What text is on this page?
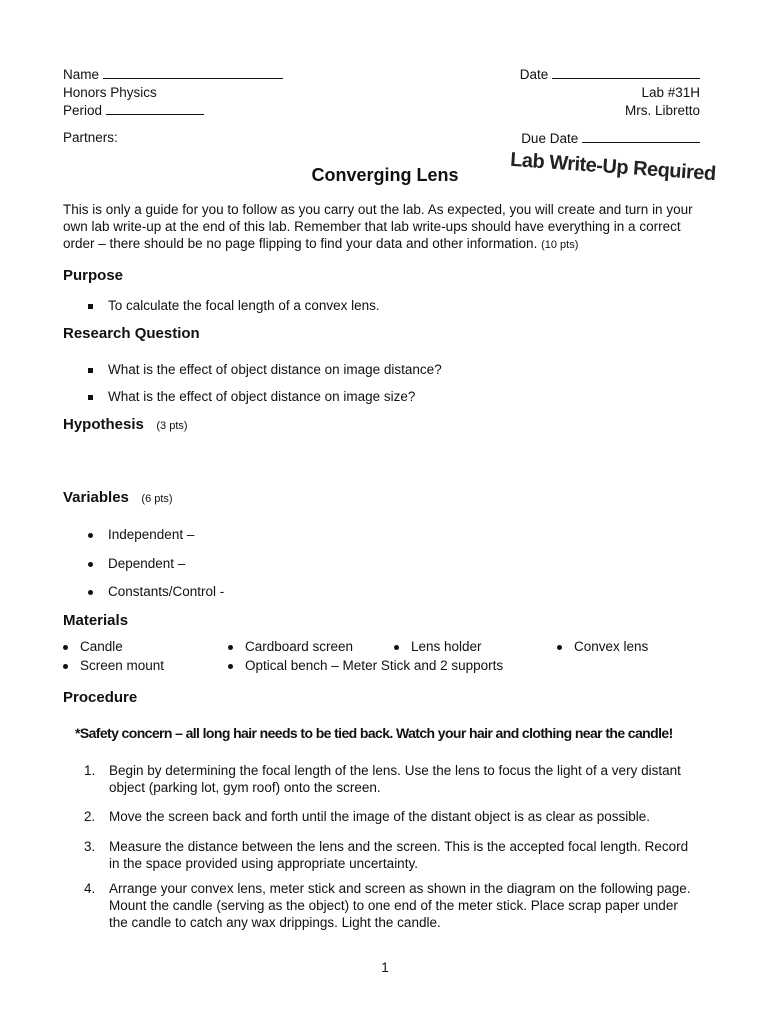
Name
Honors Physics
Period
Date
Lab #31H
Mrs. Libretto
Partners:	Due Date
Converging Lens	Lab Write-Up Required
This is only a guide for you to follow as you carry out the lab. As expected, you will create and turn in your own lab write-up at the end of this lab. Remember that lab write-ups should have everything in a correct order – there should be no page flipping to find your data and other information. (10 pts)
Purpose
To calculate the focal length of a convex lens.
Research Question
What is the effect of object distance on image distance?
What is the effect of object distance on image size?
Hypothesis (3 pts)
Variables (6 pts)
Independent –
Dependent –
Constants/Control -
Materials
Candle	Cardboard screen	Lens holder	Convex lens
Screen mount	Optical bench – Meter Stick and 2 supports
Procedure
*Safety concern – all long hair needs to be tied back. Watch your hair and clothing near the candle!
1. Begin by determining the focal length of the lens. Use the lens to focus the light of a very distant object (parking lot, gym roof) onto the screen.
2. Move the screen back and forth until the image of the distant object is as clear as possible.
3. Measure the distance between the lens and the screen. This is the accepted focal length. Record in the space provided using appropriate uncertainty.
4. Arrange your convex lens, meter stick and screen as shown in the diagram on the following page. Mount the candle (serving as the object) to one end of the meter stick. Place scrap paper under the candle to catch any wax drippings. Light the candle.
1
